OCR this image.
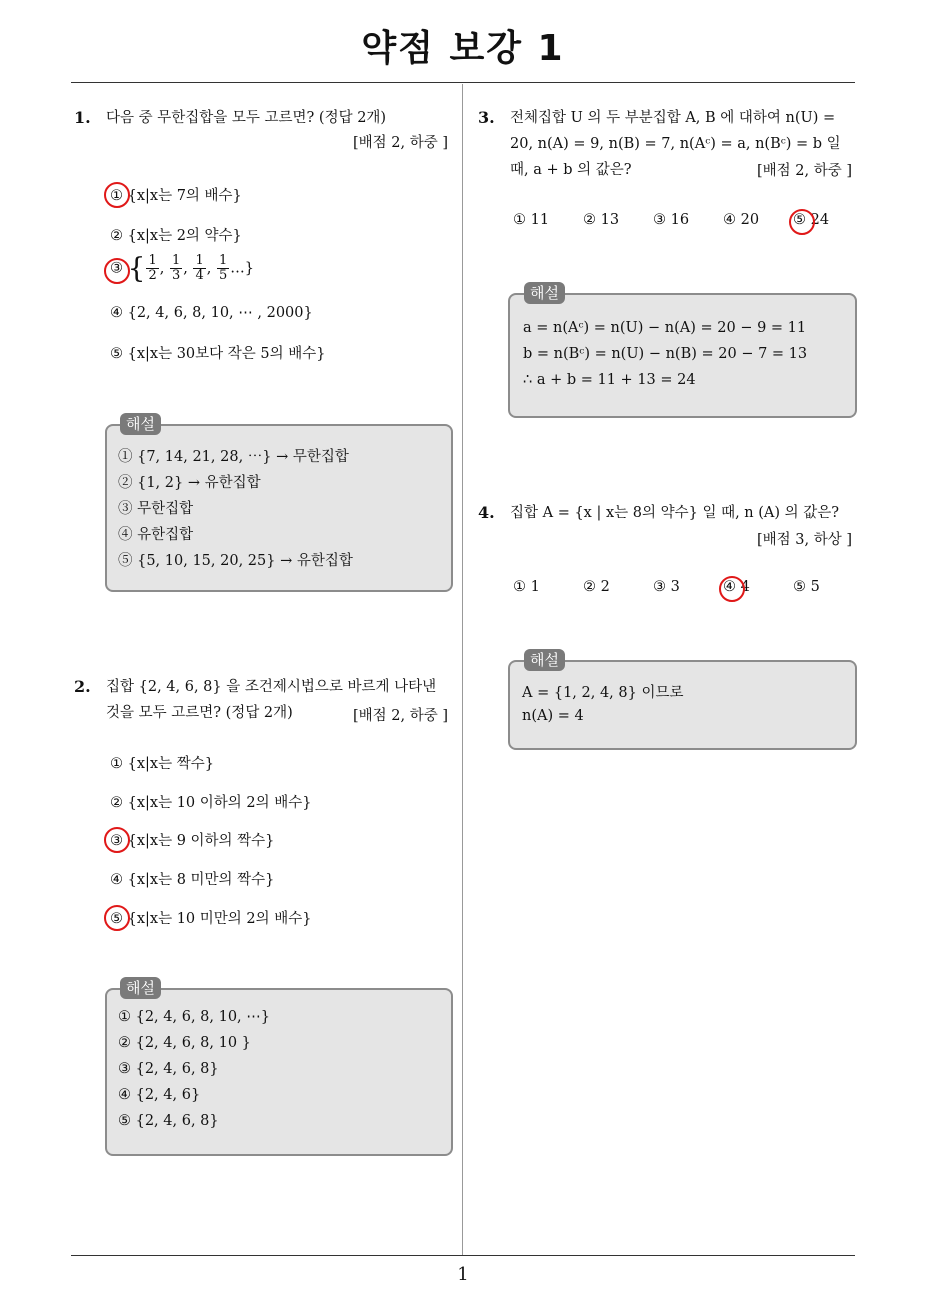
약점 보강 1
1
1. 다음 중 무한집합을 모두 고르면? (정답 2개)
[배점 2, 하중 ]
① {x|x는 7의 배수}
② {x|x는 2의 약수}
③ { $\frac{1}{2}$ , $\frac{1}{3}$ , $\frac{1}{4}$ , $\frac{1}{5}$ …}
④ {2, 4, 6, 8, 10, ⋯ , 2000}
⑤ {x|x는 30보다 작은 5의 배수}
해설
① {7, 14, 21, 28, ⋯} → 무한집합
② {1, 2} → 유한집합
③ 무한집합
④ 유한집합
⑤ {5, 10, 15, 20, 25} → 유한집합
2. 집합 {2, 4, 6, 8} 을 조건제시법으로 바르게 나타낸
것을 모두 고르면? (정답 2개)	[배점 2, 하중 ]
① {x|x는 짝수}
② {x|x는 10 이하의 2의 배수}
③ {x|x는 9 이하의 짝수}
④ {x|x는 8 미만의 짝수}
⑤ {x|x는 10 미만의 2의 배수}
해설
① {2, 4, 6, 8, 10, ⋯}
② {2, 4, 6, 8, 10 }
③ {2, 4, 6, 8}
④ {2, 4, 6}
⑤ {2, 4, 6, 8}
3. 전체집합 U 의 두 부분집합 A, B 에 대하여 n(U) =
20, n(A) = 9, n(B) = 7, n(Aᶜ) = a, n(Bᶜ) = b 일
때, a + b 의 값은?	[배점 2, 하중 ]
① 11 ② 13 ③ 16 ④ 20 ⑤ 24
해설
a = n(Aᶜ) = n(U) − n(A) = 20 − 9 = 11
b = n(Bᶜ) = n(U) − n(B) = 20 − 7 = 13
∴ a + b = 11 + 13 = 24
4. 집합 A = {x | x는 8의 약수} 일 때, n (A) 의 값은?
[배점 3, 하상 ]
① 1	② 2	③ 3	④ 4	⑤ 5
해설
A = {1, 2, 4, 8} 이므로
n(A) = 4
